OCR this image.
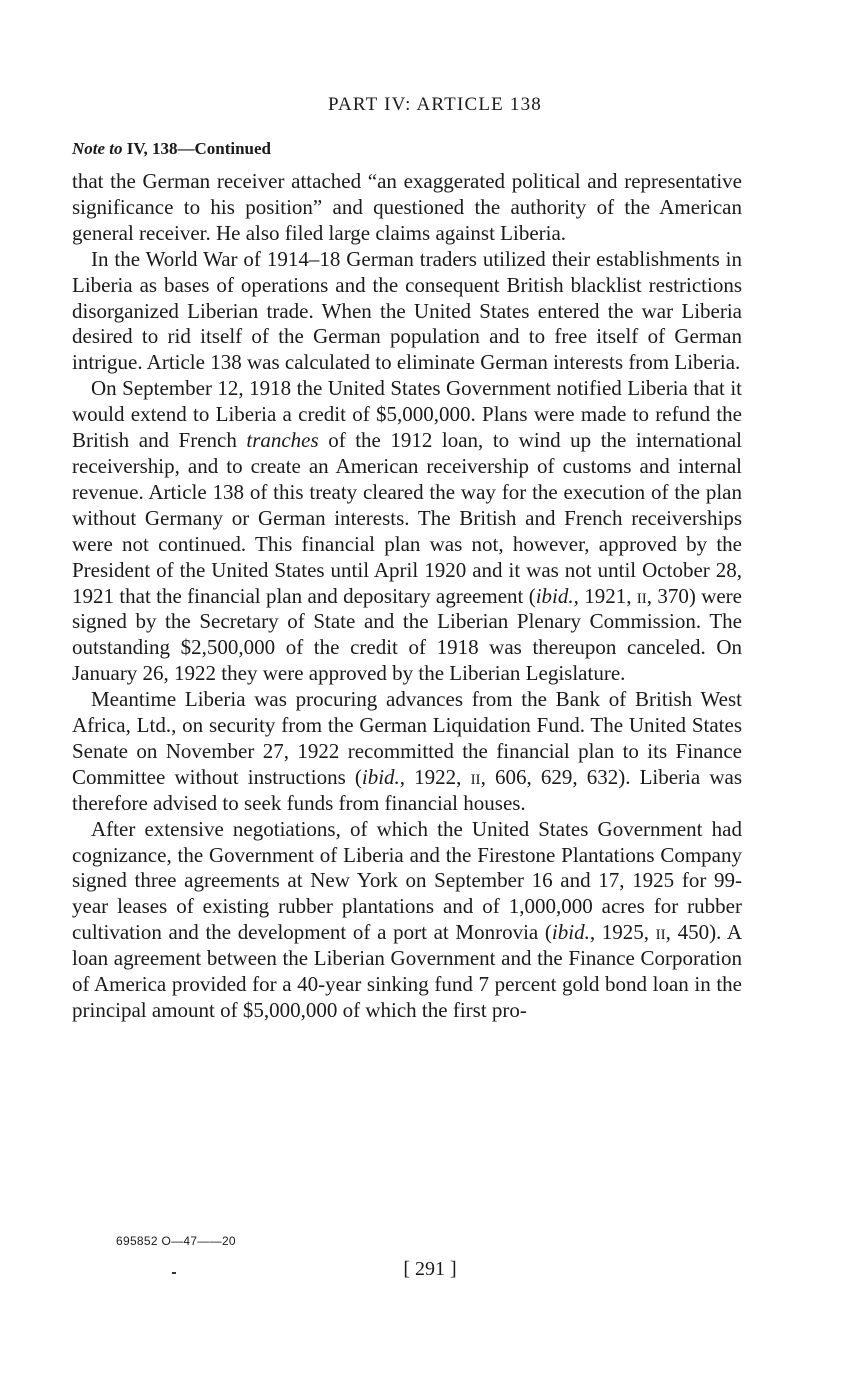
PART IV: ARTICLE 138
Note to IV, 138—Continued

that the German receiver attached “an exaggerated political and representative significance to his position” and questioned the authority of the American general receiver. He also filed large claims against Liberia.

In the World War of 1914–18 German traders utilized their establishments in Liberia as bases of operations and the consequent British blacklist restrictions disorganized Liberian trade. When the United States entered the war Liberia desired to rid itself of the German population and to free itself of German intrigue. Article 138 was calculated to eliminate German interests from Liberia.

On September 12, 1918 the United States Government notified Liberia that it would extend to Liberia a credit of $5,000,000. Plans were made to refund the British and French tranches of the 1912 loan, to wind up the international receivership, and to create an American receivership of customs and internal revenue. Article 138 of this treaty cleared the way for the execution of the plan without Germany or German interests. The British and French receiverships were not continued. This financial plan was not, however, approved by the President of the United States until April 1920 and it was not until October 28, 1921 that the financial plan and depositary agreement (ibid., 1921, ii, 370) were signed by the Secretary of State and the Liberian Plenary Commission. The outstanding $2,500,000 of the credit of 1918 was thereupon canceled. On January 26, 1922 they were approved by the Liberian Legislature.

Meantime Liberia was procuring advances from the Bank of British West Africa, Ltd., on security from the German Liquidation Fund. The United States Senate on November 27, 1922 recommitted the financial plan to its Finance Committee without instructions (ibid., 1922, ii, 606, 629, 632). Liberia was therefore advised to seek funds from financial houses.

After extensive negotiations, of which the United States Government had cognizance, the Government of Liberia and the Firestone Plantations Company signed three agreements at New York on September 16 and 17, 1925 for 99-year leases of existing rubber plantations and of 1,000,000 acres for rubber cultivation and the development of a port at Monrovia (ibid., 1925, ii, 450). A loan agreement between the Liberian Government and the Finance Corporation of America provided for a 40-year sinking fund 7 percent gold bond loan in the principal amount of $5,000,000 of which the first pro-

695852 O—47——20
[ 291 ]
